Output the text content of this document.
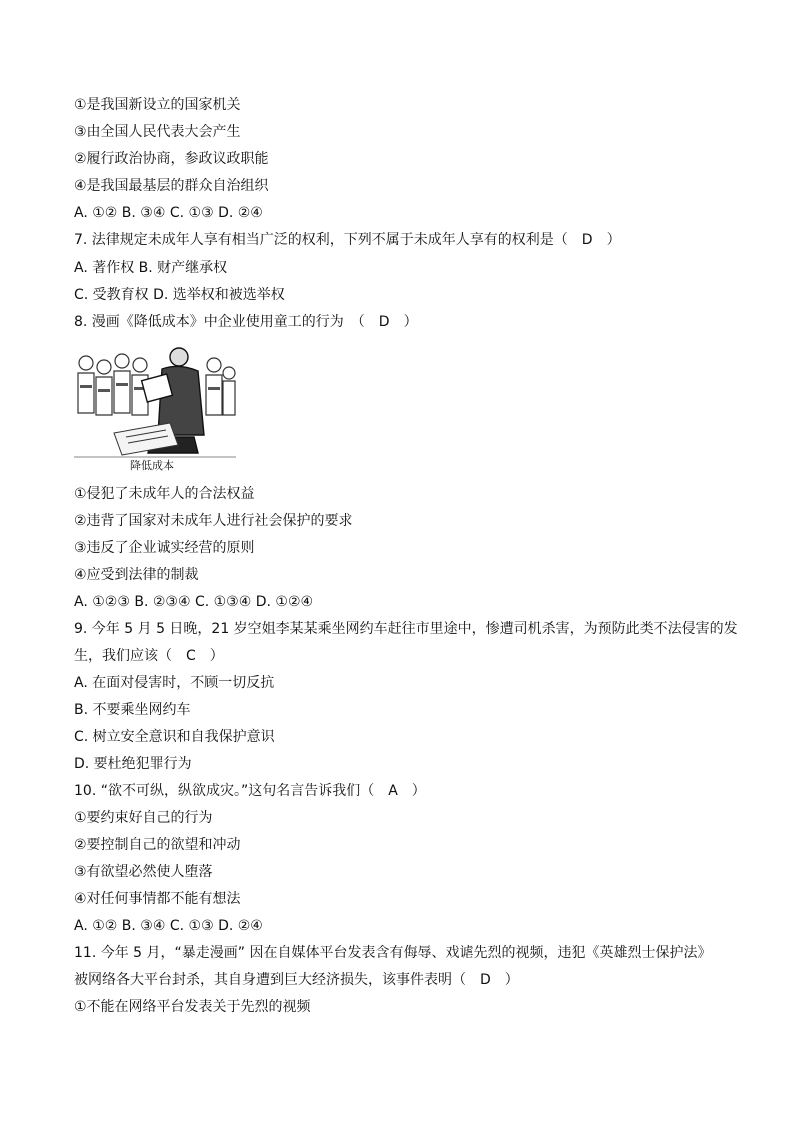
①是我国新设立的国家机关
③由全国人民代表大会产生
②履行政治协商，参政议政职能
④是我国最基层的群众自治组织
A. ①② B. ③④ C. ①③ D. ②④
7. 法律规定未成年人享有相当广泛的权利，下列不属于未成年人享有的权利是（　D　）
A. 著作权 B. 财产继承权
C. 受教育权 D. 选举权和被选举权
8. 漫画《降低成本》中企业使用童工的行为　（　D　）
降低成本
①侵犯了未成年人的合法权益
②违背了国家对未成年人进行社会保护的要求
③违反了企业诚实经营的原则
④应受到法律的制裁
A. ①②③ B. ②③④ C. ①③④ D. ①②④
9. 今年 5 月 5 日晚，21 岁空姐李某某乘坐网约车赶往市里途中，惨遭司机杀害，为预防此类不法侵害的发
生，我们应该（　C　）
A. 在面对侵害时，不顾一切反抗
B. 不要乘坐网约车
C. 树立安全意识和自我保护意识
D. 要杜绝犯罪行为
10. “欲不可纵，纵欲成灾。”这句名言告诉我们（　A　）
①要约束好自己的行为
②要控制自己的欲望和冲动
③有欲望必然使人堕落
④对任何事情都不能有想法
A. ①② B. ③④ C. ①③ D. ②④
11. 今年 5 月，“暴走漫画” 因在自媒体平台发表含有侮辱、戏谑先烈的视频，违犯《英雄烈士保护法》
被网络各大平台封杀，其自身遭到巨大经济损失，该事件表明（　D　）
①不能在网络平台发表关于先烈的视频
